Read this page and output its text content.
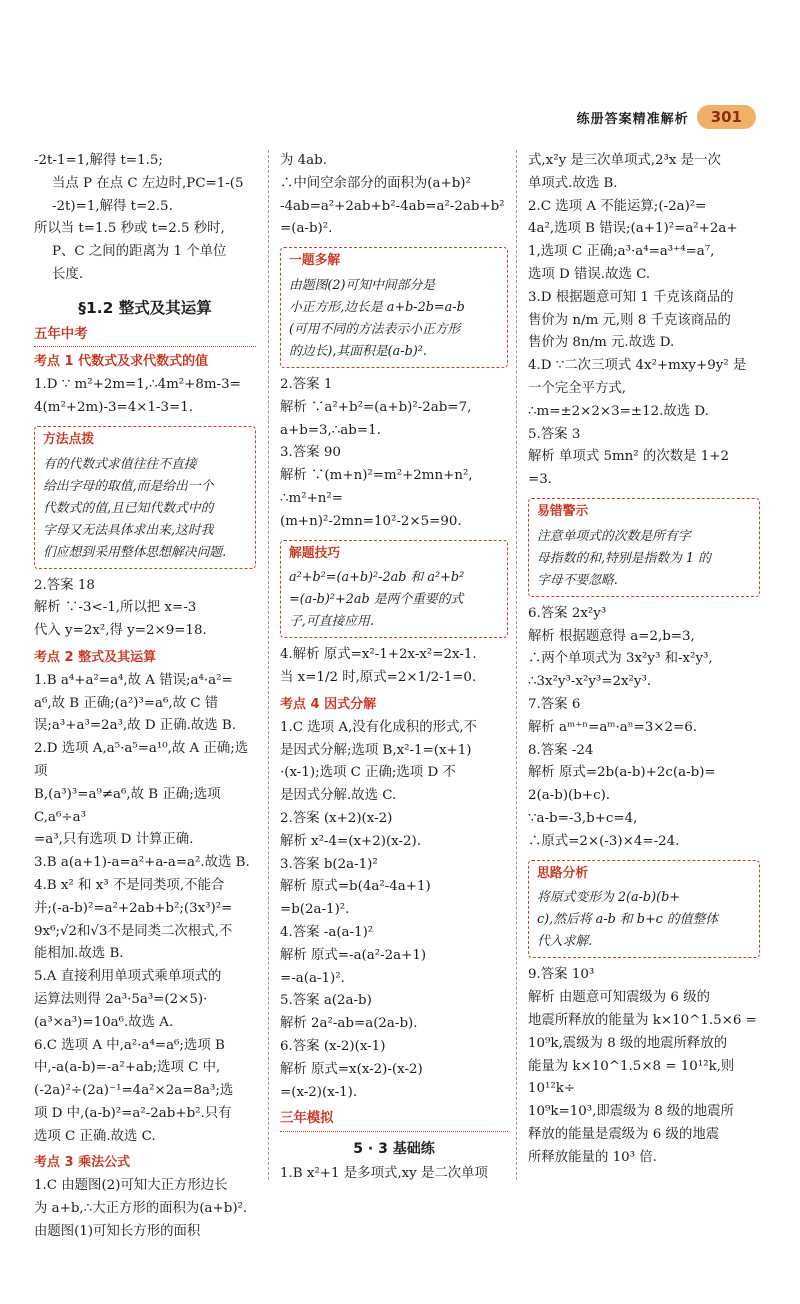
练册答案精准解析	301
-2t-1=1,解得 t=1.5;
当点 P 在点 C 左边时,PC=1-(5
-2t)=1,解得 t=2.5.
所以当 t=1.5 秒或 t=2.5 秒时,
P、C 之间的距离为 1 个单位
长度.
§1.2 整式及其运算
五年中考
考点 1 代数式及求代数式的值
1.D ∵ m²+2m=1,∴4m²+8m-3=
4(m²+2m)-3=4×1-3=1.
方法点拨
有的代数式求值往往不直接
给出字母的取值,而是给出一个
代数式的值,且已知代数式中的
字母又无法具体求出来,这时我
们应想到采用整体思想解决问题.
2.答案 18
解析 ∵-3<-1,所以把 x=-3
代入 y=2x²,得 y=2×9=18.
考点 2 整式及其运算
1.B a⁴+a²=a⁴,故 A 错误;a⁴·a²=
a⁶,故 B 正确;(a²)³=a⁶,故 C 错
误;a³+a³=2a³,故 D 正确.故选 B.
2.D 选项 A,a⁵·a⁵=a¹⁰,故 A 正确;选项
B,(a³)³=a⁹≠a⁶,故 B 正确;选项 C,a⁶÷a³
=a³,只有选项 D 计算正确.
3.B a(a+1)-a=a²+a-a=a².故选 B.
4.B x² 和 x³ 不是同类项,不能合
并;(-a-b)²=a²+2ab+b²;(3x³)²=
9x⁶;√2和√3不是同类二次根式,不
能相加.故选 B.
5.A 直接利用单项式乘单项式的
运算法则得 2a³·5a³=(2×5)·
(a³×a³)=10a⁶.故选 A.
6.C 选项 A 中,a²·a⁴=a⁶;选项 B
中,-a(a-b)=-a²+ab;选项 C 中,
(-2a)²÷(2a)⁻¹=4a²×2a=8a³;选
项 D 中,(a-b)²=a²-2ab+b².只有
选项 C 正确.故选 C.
考点 3 乘法公式
1.C 由题图(2)可知大正方形边长
为 a+b,∴大正方形的面积为(a+b)².
由题图(1)可知长方形的面积
为 4ab.
∴中间空余部分的面积为(a+b)²
-4ab=a²+2ab+b²-4ab=a²-2ab+b²
=(a-b)².
一题多解
由题图(2)可知中间部分是
小正方形,边长是 a+b-2b=a-b
(可用不同的方法表示小正方形
的边长),其面积是(a-b)².
2.答案 1
解析 ∵a²+b²=(a+b)²-2ab=7,
a+b=3,∴ab=1.
3.答案 90
解析 ∵(m+n)²=m²+2mn+n²,
∴m²+n²=(m+n)²-2mn=10²-2×5=90.
解题技巧
a²+b²=(a+b)²-2ab 和 a²+b²
=(a-b)²+2ab 是两个重要的式
子,可直接应用.
4.解析 原式=x²-1+2x-x²=2x-1.
当 x=1/2 时,原式=2×1/2-1=0.
考点 4 因式分解
1.C 选项 A,没有化成积的形式,不
是因式分解;选项 B,x²-1=(x+1)
·(x-1);选项 C 正确;选项 D 不
是因式分解.故选 C.
2.答案 (x+2)(x-2)
解析 x²-4=(x+2)(x-2).
3.答案 b(2a-1)²
解析 原式=b(4a²-4a+1)
=b(2a-1)².
4.答案 -a(a-1)²
解析 原式=-a(a²-2a+1)
=-a(a-1)².
5.答案 a(2a-b)
解析 2a²-ab=a(2a-b).
6.答案 (x-2)(x-1)
解析 原式=x(x-2)-(x-2)
=(x-2)(x-1).
三年模拟
5 · 3 基础练
1.B x²+1 是多项式,xy 是二次单项
式,x²y 是三次单项式,2³x 是一次
单项式.故选 B.
2.C 选项 A 不能运算;(-2a)²=
4a²,选项 B 错误;(a+1)²=a²+2a+
1,选项 C 正确;a³·a⁴=a³⁺⁴=a⁷,
选项 D 错误.故选 C.
3.D 根据题意可知 1 千克该商品的
售价为 n/m 元,则 8 千克该商品的
售价为 8n/m 元.故选 D.
4.D ∵二次三项式 4x²+mxy+9y² 是
一个完全平方式,
∴m=±2×2×3=±12.故选 D.
5.答案 3
解析 单项式 5mn² 的次数是 1+2
=3.
易错警示
注意单项式的次数是所有字
母指数的和,特别是指数为 1 的
字母不要忽略.
6.答案 2x²y³
解析 根据题意得 a=2,b=3,
∴两个单项式为 3x²y³ 和-x²y³,
∴3x²y³-x²y³=2x²y³.
7.答案 6
解析 aᵐ⁺ⁿ=aᵐ·aⁿ=3×2=6.
8.答案 -24
解析 原式=2b(a-b)+2c(a-b)=
2(a-b)(b+c).
∵a-b=-3,b+c=4,
∴原式=2×(-3)×4=-24.
思路分析
将原式变形为 2(a-b)(b+
c),然后将 a-b 和 b+c 的值整体
代入求解.
9.答案 10³
解析 由题意可知震级为 6 级的
地震所释放的能量为 k×10^1.5×6 =
10⁹k,震级为 8 级的地震所释放的
能量为 k×10^1.5×8 = 10¹²k,则 10¹²k÷
10⁹k=10³,即震级为 8 级的地震所
释放的能量是震级为 6 级的地震
所释放能量的 10³ 倍.
